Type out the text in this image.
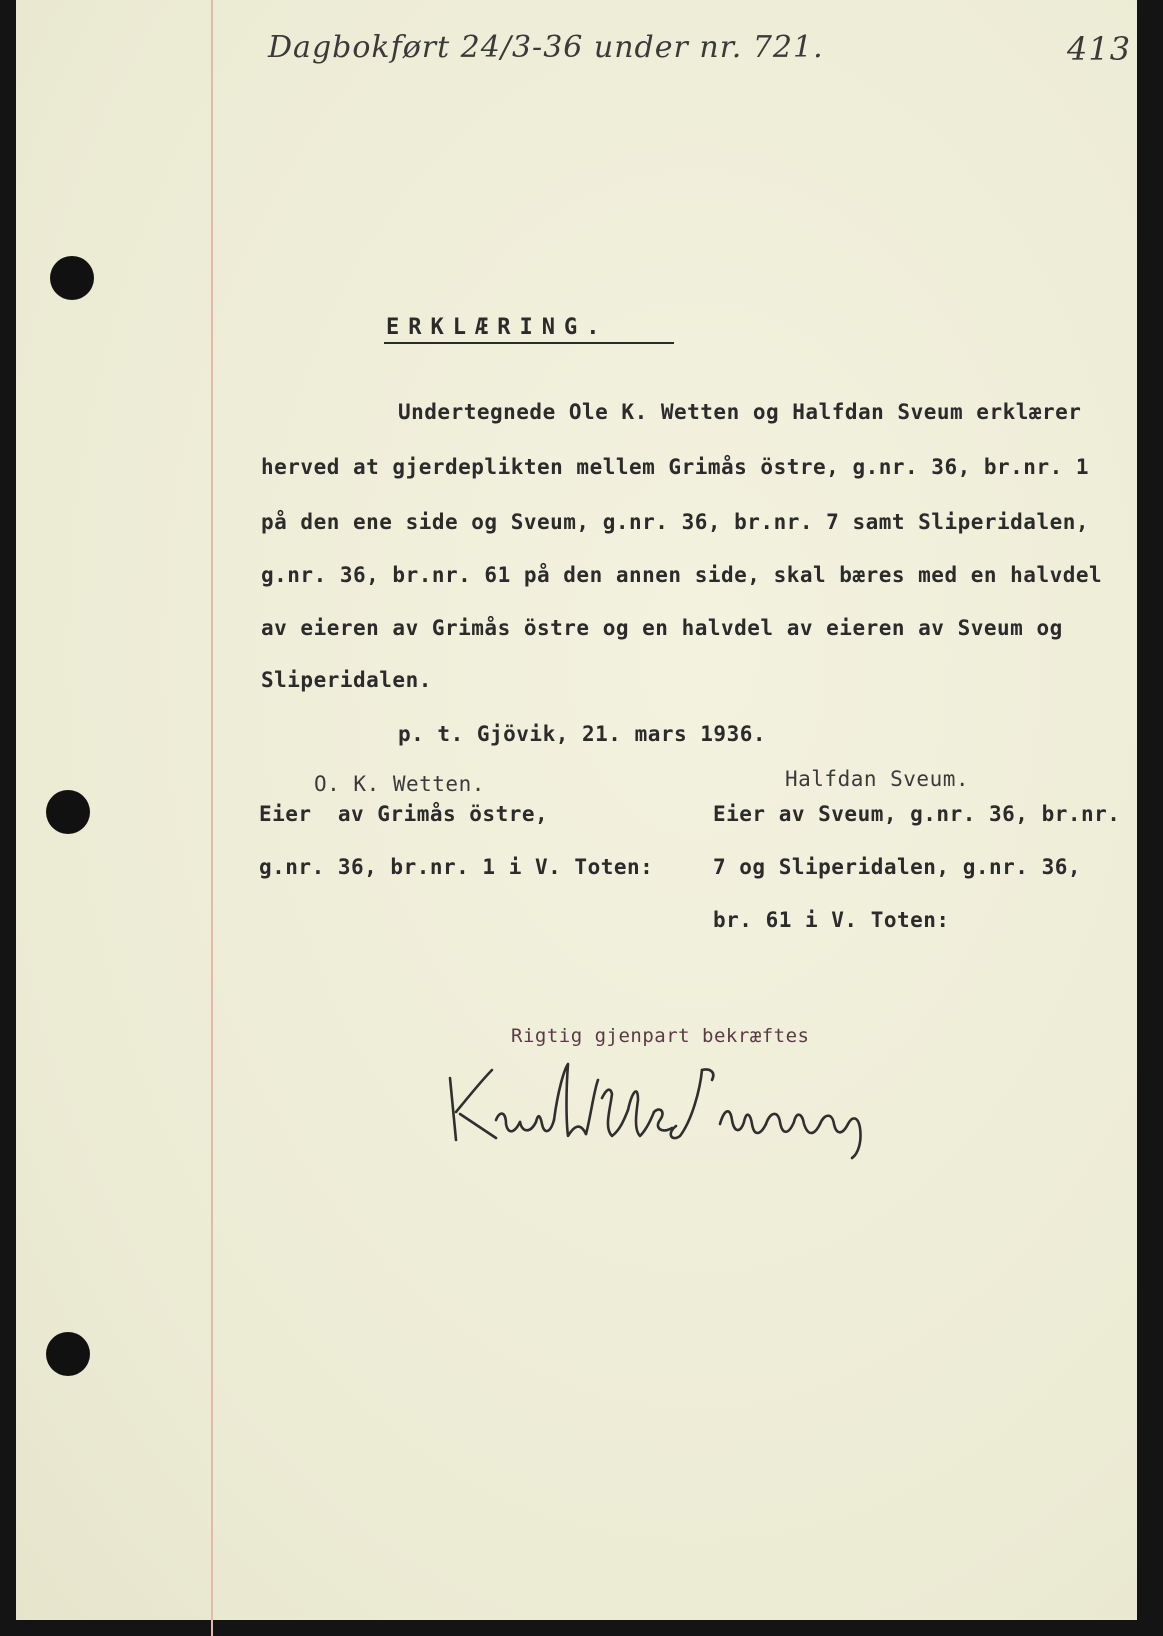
Dagbokført 24/3-36 under nr. 721.	413
ERKLÆRING.
Undertegnede Ole K. Wetten og Halfdan Sveum erklærer
herved at gjerdeplikten mellem Grimås östre, g.nr. 36, br.nr. 1
på den ene side og Sveum, g.nr. 36, br.nr. 7 samt Sliperidalen,
g.nr. 36, br.nr. 61 på den annen side, skal bæres med en halvdel
av eieren av Grimås östre og en halvdel av eieren av Sveum og
Sliperidalen.
p. t. Gjövik, 21. mars 1936.
O. K. Wetten.
Eier  av Grimås östre,
g.nr. 36, br.nr. 1 i V. Toten:
Halfdan Sveum.
Eier av Sveum, g.nr. 36, br.nr.
7 og Sliperidalen, g.nr. 36,
br. 61 i V. Toten:
Rigtig gjenpart bekræftes
